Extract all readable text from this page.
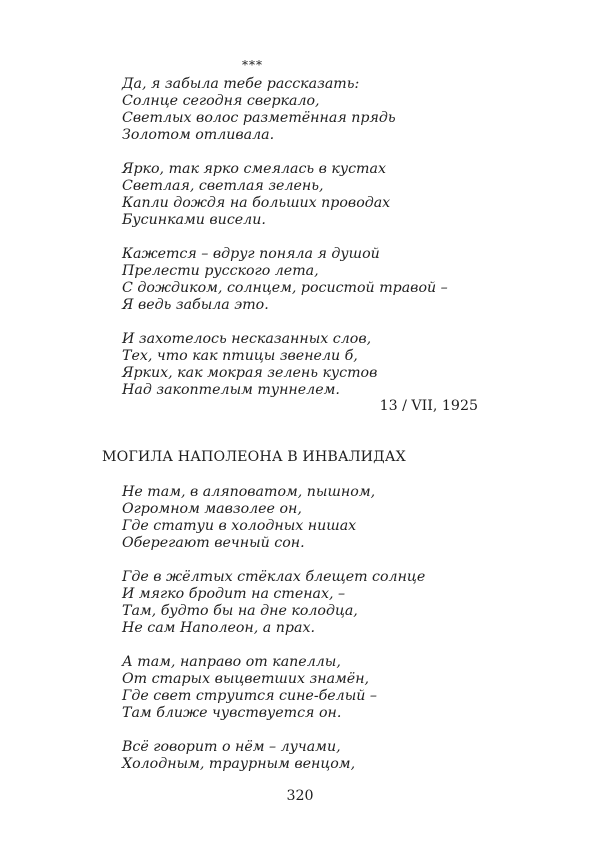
***
Да, я забыла тебе рассказать:
Солнце сегодня сверкало,
Светлых волос разметённая прядь
Золотом отливала.
Ярко, так ярко смеялась в кустах
Светлая, светлая зелень,
Капли дождя на больших проводах
Бусинками висели.
Кажется – вдруг поняла я душой
Прелести русского лета,
С дождиком, солнцем, росистой травой –
Я ведь забыла это.
И захотелось несказанных слов,
Тех, что как птицы звенели б,
Ярких, как мокрая зелень кустов
Над закоптелым туннелем.
13 / VII, 1925
МОГИЛА НАПОЛЕОНА В ИНВАЛИДАХ
Не там, в аляповатом, пышном,
Огромном мавзолее он,
Где статуи в холодных нишах
Оберегают вечный сон.
Где в жёлтых стёклах блещет солнце
И мягко бродит на стенах, –
Там, будто бы на дне колодца,
Не сам Наполеон, а прах.
А там, направо от капеллы,
От старых выцветших знамён,
Где свет струится сине-белый –
Там ближе чувствуется он.
Всё говорит о нём – лучами,
Холодным, траурным венцом,
320
